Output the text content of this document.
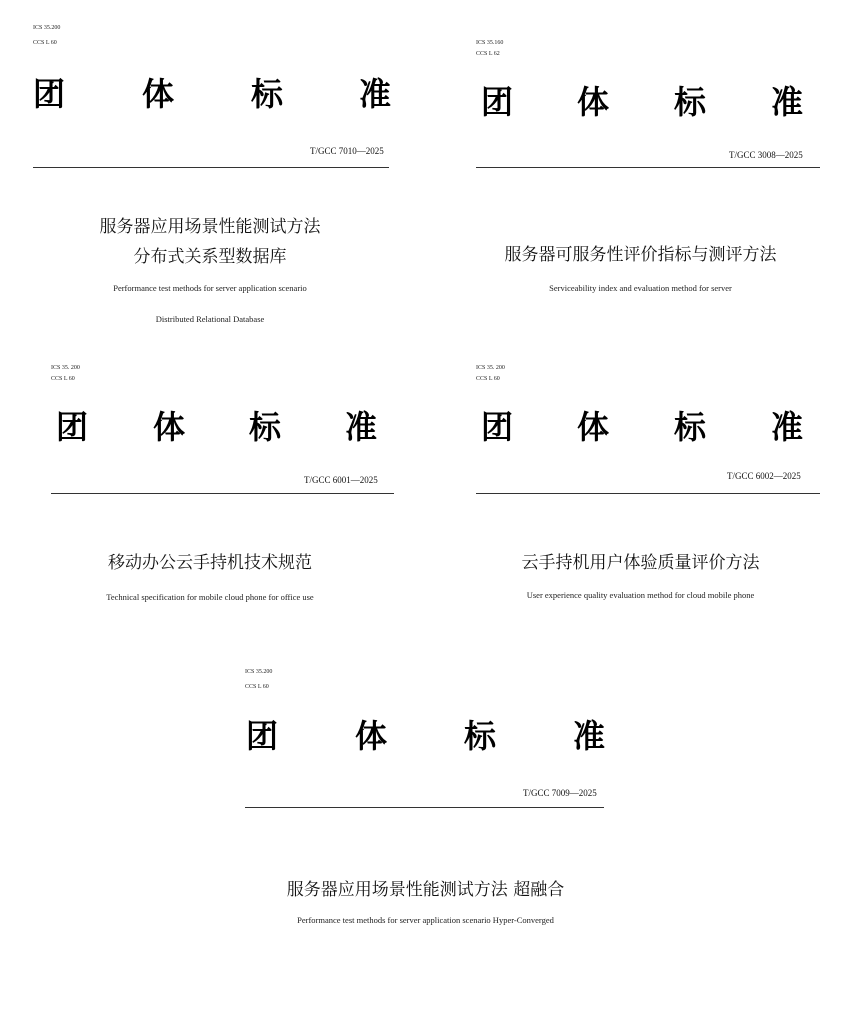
ICS 35.200
CCS L 60
团 体 标 准
T/GCC 7010—2025
服务器应用场景性能测试方法
分布式关系型数据库
Performance test methods for server application scenario
Distributed Relational Database
ICS 35.160
CCS L 62
团 体 标 准
T/GCC 3008—2025
服务器可服务性评价指标与测评方法
Serviceability index and evaluation method for server
ICS 35. 200
CCS L 60
团 体 标 准
T/GCC 6001—2025
移动办公云手持机技术规范
Technical specification for mobile cloud phone for office use
ICS 35. 200
CCS L 60
团 体 标 准
T/GCC 6002—2025
云手持机用户体验质量评价方法
User experience quality evaluation method for cloud mobile phone
ICS 35.200
CCS L 60
团 体 标 准
T/GCC 7009—2025
服务器应用场景性能测试方法 超融合
Performance test methods for server application scenario Hyper-Converged
